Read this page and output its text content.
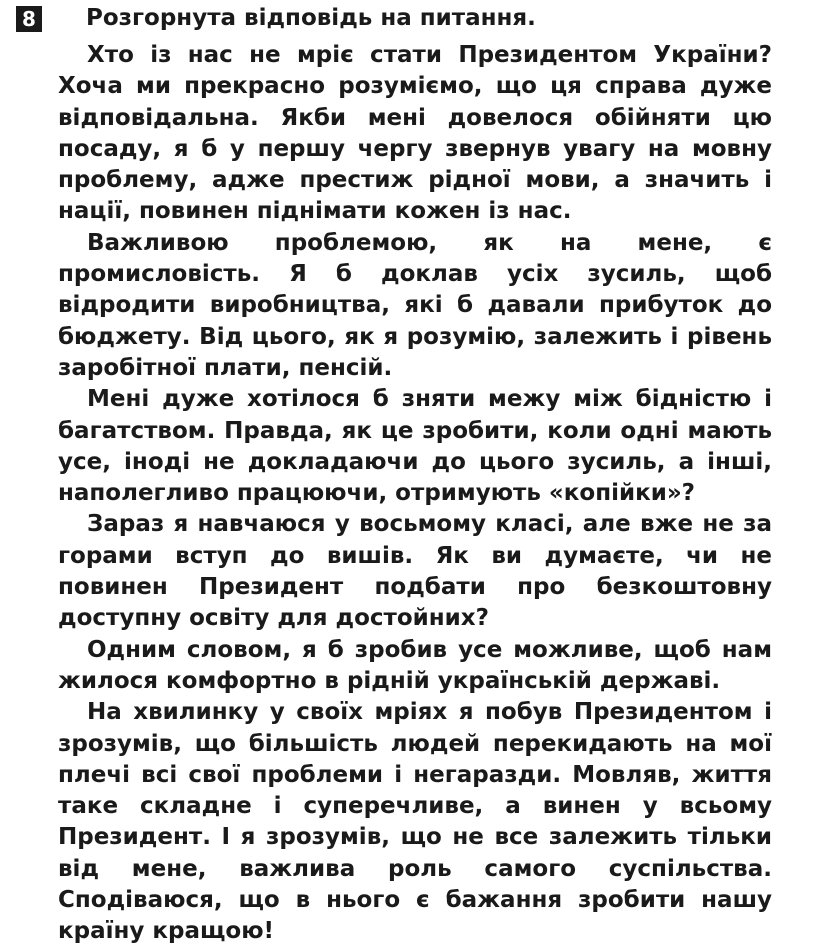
8 Розгорнута відповідь на питання.

Хто із нас не мріє стати Президентом України? Хоча ми прекрасно розуміємо, що ця справа дуже відповідальна. Якби мені довелося обійняти цю посаду, я б у першу чергу звернув увагу на мовну проблему, адже престиж рідної мови, а значить і нації, повинен піднімати кожен із нас.

Важливою проблемою, як на мене, є промисловість. Я б доклав усіх зусиль, щоб відродити виробництва, які б давали прибуток до бюджету. Від цього, як я розумію, залежить і рівень заробітної плати, пенсій.

Мені дуже хотілося б зняти межу між бідністю і багатством. Правда, як це зробити, коли одні мають усе, іноді не докладаючи до цього зусиль, а інші, наполегливо працюючи, отримують «копійки»?

Зараз я навчаюся у восьмому класі, але вже не за горами вступ до вишів. Як ви думаєте, чи не повинен Президент подбати про безкоштовну доступну освіту для достойних?

Одним словом, я б зробив усе можливе, щоб нам жилося комфортно в рідній українській державі.

На хвилинку у своїх мріях я побув Президентом і зрозумів, що більшість людей перекидають на мої плечі всі свої проблеми і негаразди. Мовляв, життя таке складне і суперечливе, а винен у всьому Президент. І я зрозумів, що не все залежить тільки від мене, важлива роль самого суспільства. Сподіваюся, що в нього є бажання зробити нашу країну кращою!
